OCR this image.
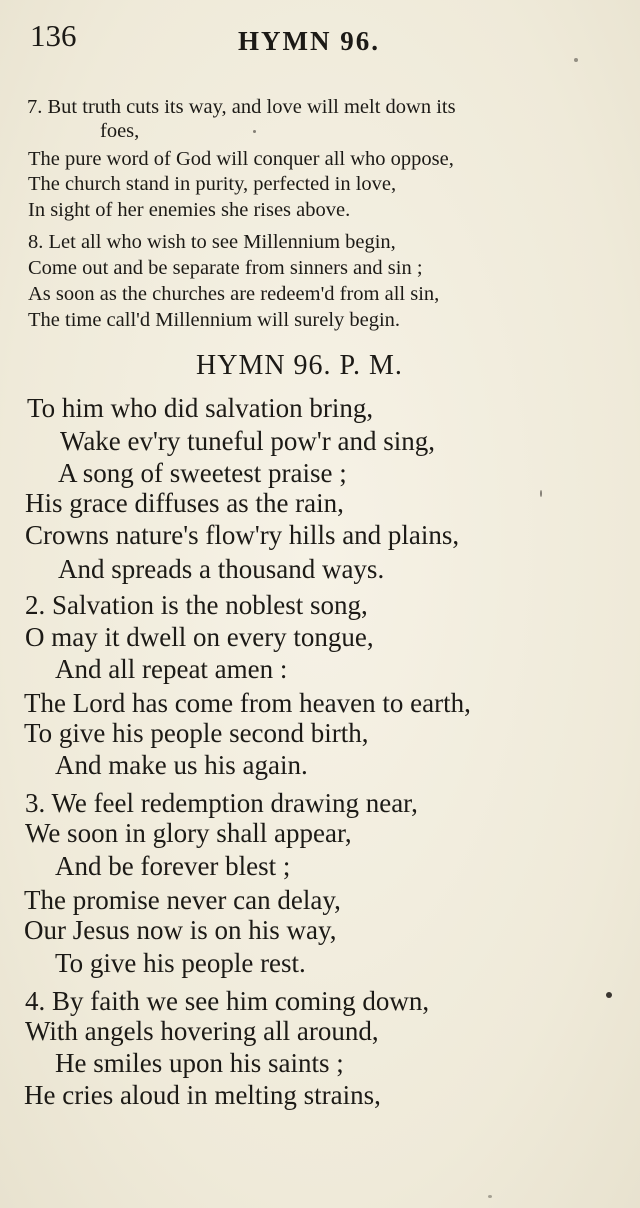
136	HYMN 96.
7. But truth cuts its way, and love will melt down its
foes,
The pure word of God will conquer all who oppose,
The church stand in purity, perfected in love,
In sight of her enemies she rises above.
8. Let all who wish to see Millennium begin,
Come out and be separate from sinners and sin ;
As soon as the churches are redeem'd from all sin,
The time call'd Millennium will surely begin.
HYMN 96. P. M.
To him who did salvation bring,
Wake ev'ry tuneful pow'r and sing,
A song of sweetest praise ;
His grace diffuses as the rain,
Crowns nature's flow'ry hills and plains,
And spreads a thousand ways.
2. Salvation is the noblest song,
O may it dwell on every tongue,
And all repeat amen :
The Lord has come from heaven to earth,
To give his people second birth,
And make us his again.
3. We feel redemption drawing near,
We soon in glory shall appear,
And be forever blest ;
The promise never can delay,
Our Jesus now is on his way,
To give his people rest.
4. By faith we see him coming down,
With angels hovering all around,
He smiles upon his saints ;
He cries aloud in melting strains,
